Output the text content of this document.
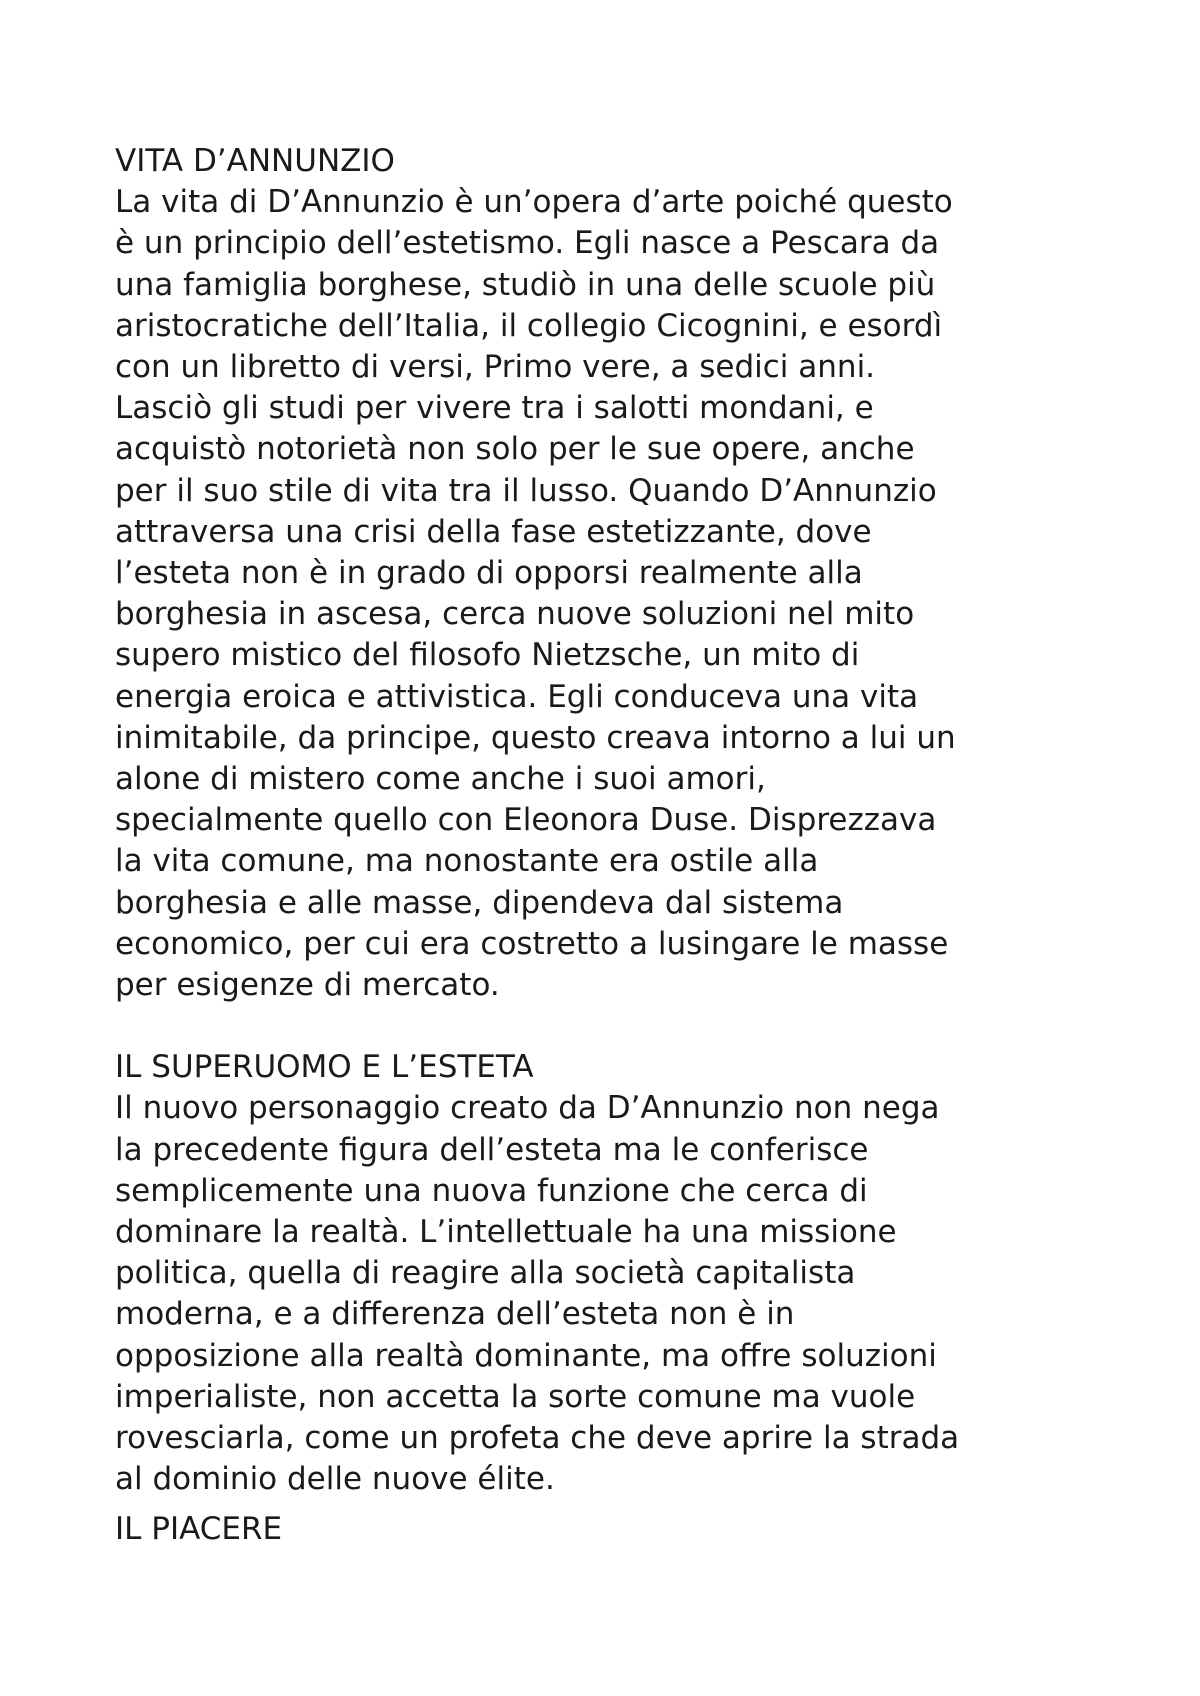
VITA D’ANNUNZIO

La vita di D’Annunzio è un’opera d’arte poiché questo
è un principio dell’estetismo. Egli nasce a Pescara da
una famiglia borghese, studiò in una delle scuole più
aristocratiche dell’Italia, il collegio Cicognini, e esordì
con un libretto di versi, Primo vere, a sedici anni.
Lasciò gli studi per vivere tra i salotti mondani, e
acquistò notorietà non solo per le sue opere, anche
per il suo stile di vita tra il lusso. Quando D’Annunzio
attraversa una crisi della fase estetizzante, dove
l’esteta non è in grado di opporsi realmente alla
borghesia in ascesa, cerca nuove soluzioni nel mito
supero mistico del filosofo Nietzsche, un mito di
energia eroica e attivistica. Egli conduceva una vita
inimitabile, da principe, questo creava intorno a lui un
alone di mistero come anche i suoi amori,
specialmente quello con Eleonora Duse. Disprezzava
la vita comune, ma nonostante era ostile alla
borghesia e alle masse, dipendeva dal sistema
economico, per cui era costretto a lusingare le masse
per esigenze di mercato.

IL SUPERUOMO E L’ESTETA

Il nuovo personaggio creato da D’Annunzio non nega
la precedente figura dell’esteta ma le conferisce
semplicemente una nuova funzione che cerca di
dominare la realtà. L’intellettuale ha una missione
politica, quella di reagire alla società capitalista
moderna, e a differenza dell’esteta non è in
opposizione alla realtà dominante, ma offre soluzioni
imperialiste, non accetta la sorte comune ma vuole
rovesciarla, come un profeta che deve aprire la strada
al dominio delle nuove élite.

IL PIACERE
